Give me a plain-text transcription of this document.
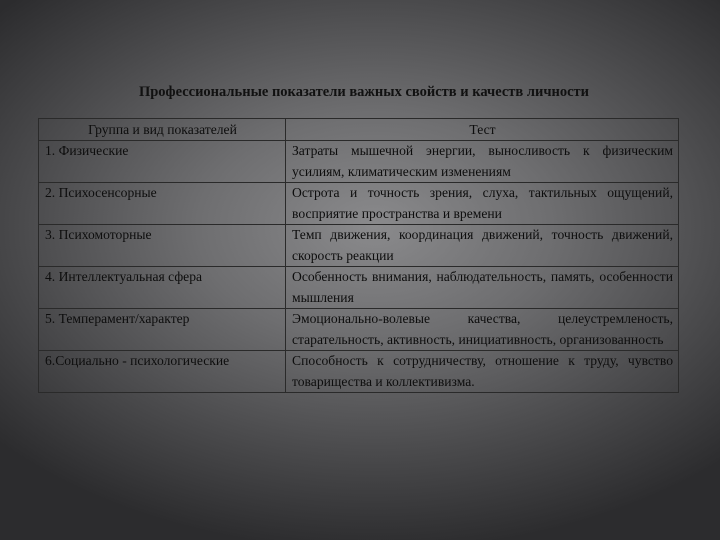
Профессиональные показатели важных свойств и качеств личности
Группа и вид показателей	Тест
1. Физические	Затраты мышечной энергии, выносливость к физическим усилиям, климатическим изменениям
2. Психосенсорные	Острота и точность зрения, слуха, тактильных ощущений, восприятие пространства и времени
3. Психомоторные	Темп движения, координация движений, точность движений, скорость реакции
4. Интеллектуальная сфера	Особенность внимания, наблюдательность, память, особенности мышления
5. Темперамент/характер	Эмоционально-волевые качества, целеустремленость, старательность, активность, инициативность, организованность
6.Социально - психологические	Способность к сотрудничеству, отношение к труду, чувство товарищества и коллективизма.
